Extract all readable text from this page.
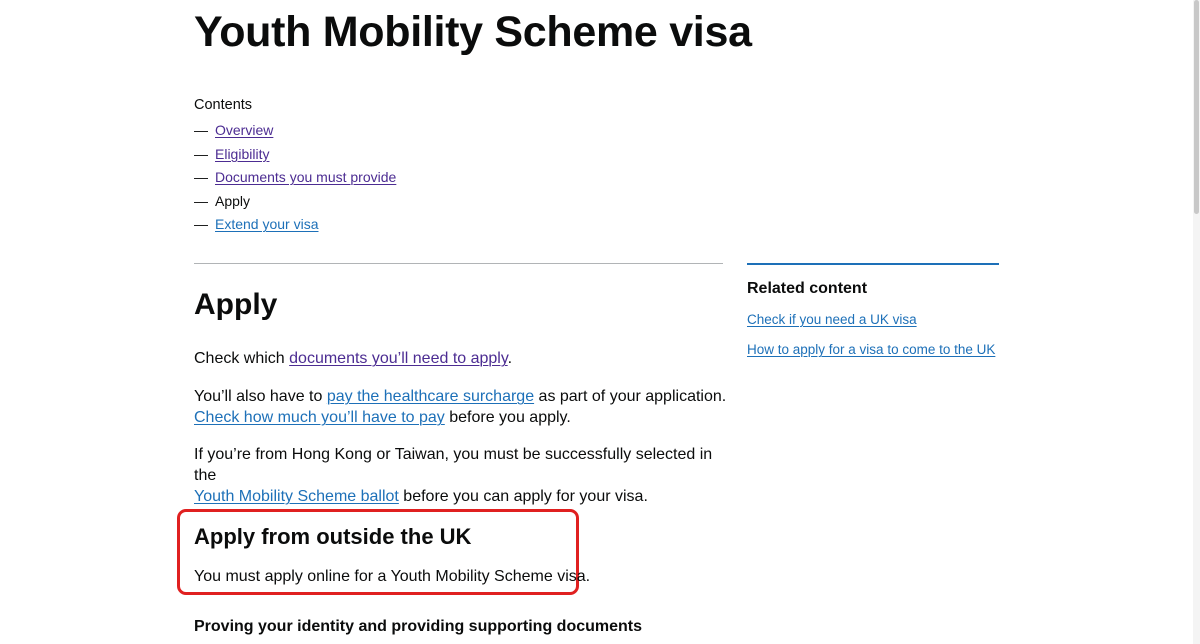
Youth Mobility Scheme visa
Contents
— Overview
— Eligibility
— Documents you must provide
— Apply
— Extend your visa
Apply

Check which documents you’ll need to apply.

You’ll also have to pay the healthcare surcharge as part of your application.
Check how much you’ll have to pay before you apply.

If you’re from Hong Kong or Taiwan, you must be successfully selected in the
Youth Mobility Scheme ballot before you can apply for your visa.

Apply from outside the UK

You must apply online for a Youth Mobility Scheme visa.

Proving your identity and providing supporting documents
Related content
Check if you need a UK visa
How to apply for a visa to come to the UK
